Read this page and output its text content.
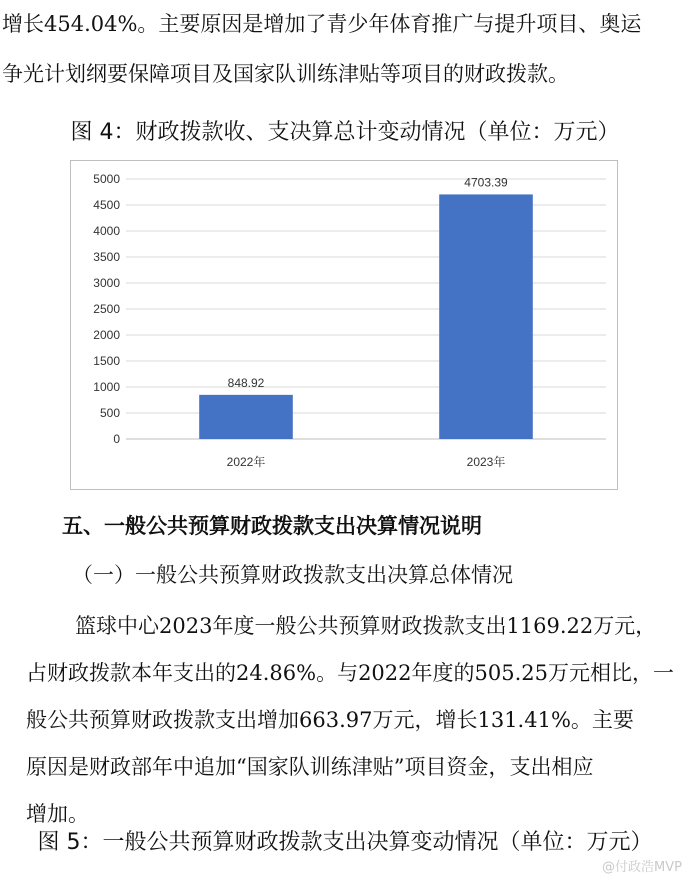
增长454.04%。主要原因是增加了青少年体育推广与提升项目、奥运
争光计划纲要保障项目及国家队训练津贴等项目的财政拨款。
图 4：财政拨款收、支决算总计变动情况（单位：万元）
0
500
1000
1500
2000
2500
3000
3500
4000
4500
5000
848.92
2022年
4703.39
2023年
五、一般公共预算财政拨款支出决算情况说明
（一）一般公共预算财政拨款支出决算总体情况
篮球中心2023年度一般公共预算财政拨款支出1169.22万元，
占财政拨款本年支出的24.86%。与2022年度的505.25万元相比，一
般公共预算财政拨款支出增加663.97万元，增长131.41%。主要
原因是财政部年中追加“国家队训练津贴”项目资金，支出相应
增加。
图 5：一般公共预算财政拨款支出决算变动情况（单位：万元）
@付政浩MVP
